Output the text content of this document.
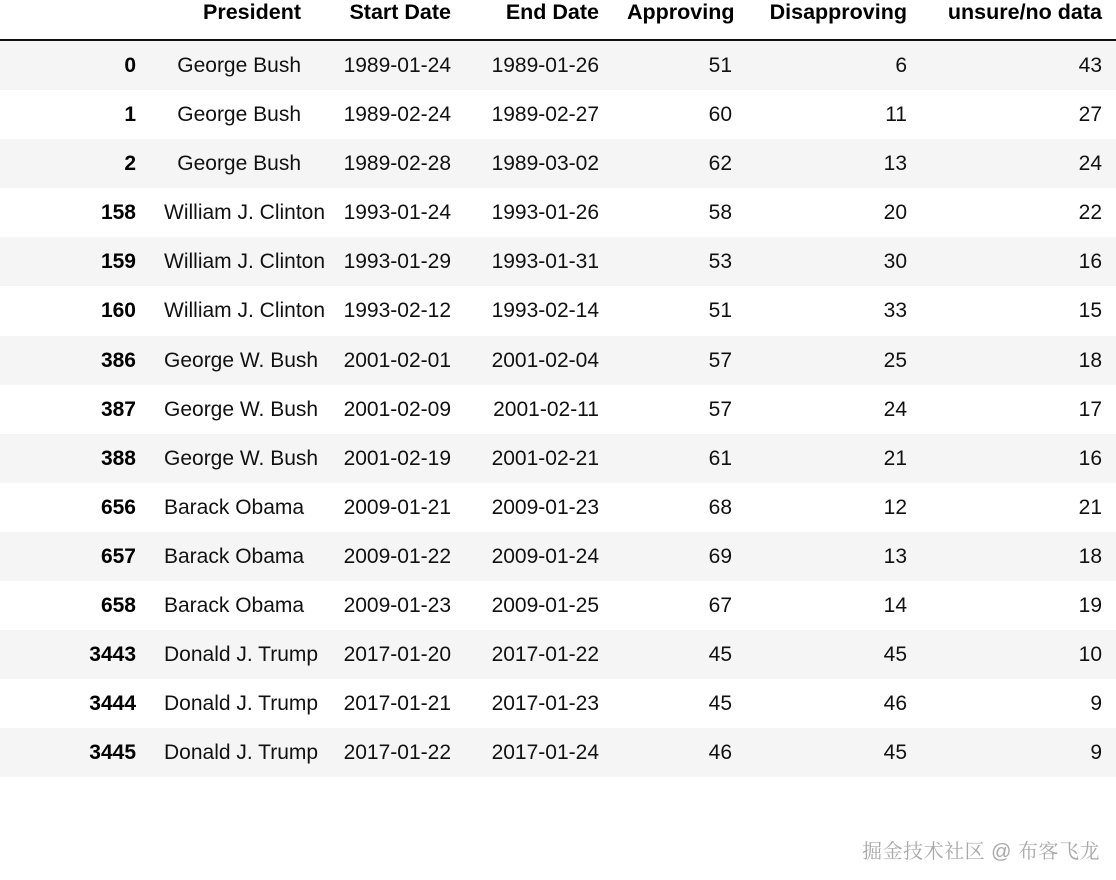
	President	Start Date	End Date	Approving	Disapproving	unsure/no data
0	George Bush	1989-01-24	1989-01-26	51	6	43
1	George Bush	1989-02-24	1989-02-27	60	11	27
2	George Bush	1989-02-28	1989-03-02	62	13	24
158	William J. Clinton	1993-01-24	1993-01-26	58	20	22
159	William J. Clinton	1993-01-29	1993-01-31	53	30	16
160	William J. Clinton	1993-02-12	1993-02-14	51	33	15
386	George W. Bush	2001-02-01	2001-02-04	57	25	18
387	George W. Bush	2001-02-09	2001-02-11	57	24	17
388	George W. Bush	2001-02-19	2001-02-21	61	21	16
656	Barack Obama	2009-01-21	2009-01-23	68	12	21
657	Barack Obama	2009-01-22	2009-01-24	69	13	18
658	Barack Obama	2009-01-23	2009-01-25	67	14	19
3443	Donald J. Trump	2017-01-20	2017-01-22	45	45	10
3444	Donald J. Trump	2017-01-21	2017-01-23	45	46	9
3445	Donald J. Trump	2017-01-22	2017-01-24	46	45	9
掘金技术社区 @ 布客飞龙
